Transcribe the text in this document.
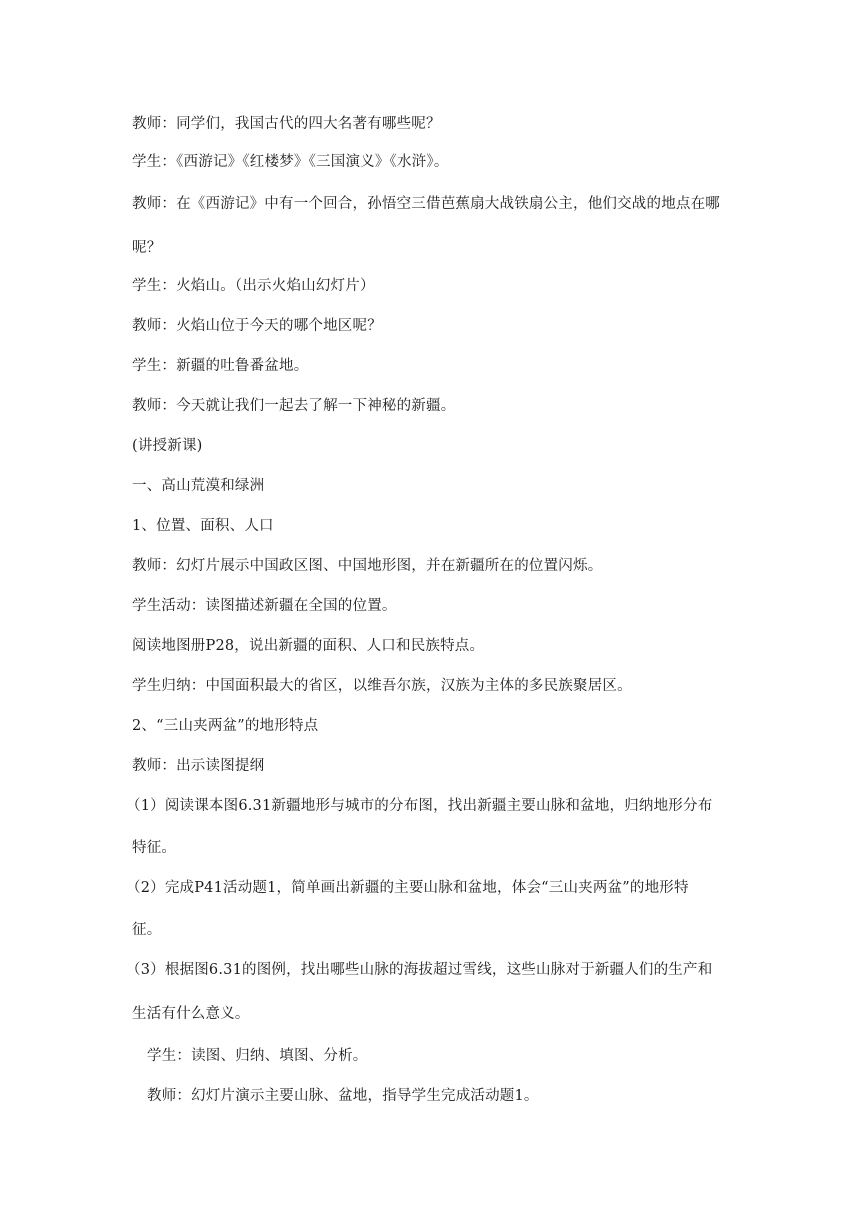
教师：同学们，我国古代的四大名著有哪些呢？
学生：《西游记》《红楼梦》《三国演义》《水浒》。
教师：在《西游记》中有一个回合，孙悟空三借芭蕉扇大战铁扇公主，他们交战的地点在哪
呢？
学生：火焰山。（出示火焰山幻灯片）
教师：火焰山位于今天的哪个地区呢？
学生：新疆的吐鲁番盆地。
教师：今天就让我们一起去了解一下神秘的新疆。
(讲授新课)
一、高山荒漠和绿洲
1、位置、面积、人口
教师：幻灯片展示中国政区图、中国地形图，并在新疆所在的位置闪烁。
学生活动：读图描述新疆在全国的位置。
阅读地图册P28，说出新疆的面积、人口和民族特点。
学生归纳：中国面积最大的省区，以维吾尔族，汉族为主体的多民族聚居区。
2、“三山夹两盆”的地形特点
教师：出示读图提纲
（1）阅读课本图6.31新疆地形与城市的分布图，找出新疆主要山脉和盆地，归纳地形分布
特征。
（2）完成P41活动题1，简单画出新疆的主要山脉和盆地，体会“三山夹两盆”的地形特
征。
（3）根据图6.31的图例，找出哪些山脉的海拔超过雪线，这些山脉对于新疆人们的生产和
生活有什么意义。
学生：读图、归纳、填图、分析。
教师：幻灯片演示主要山脉、盆地，指导学生完成活动题1。
